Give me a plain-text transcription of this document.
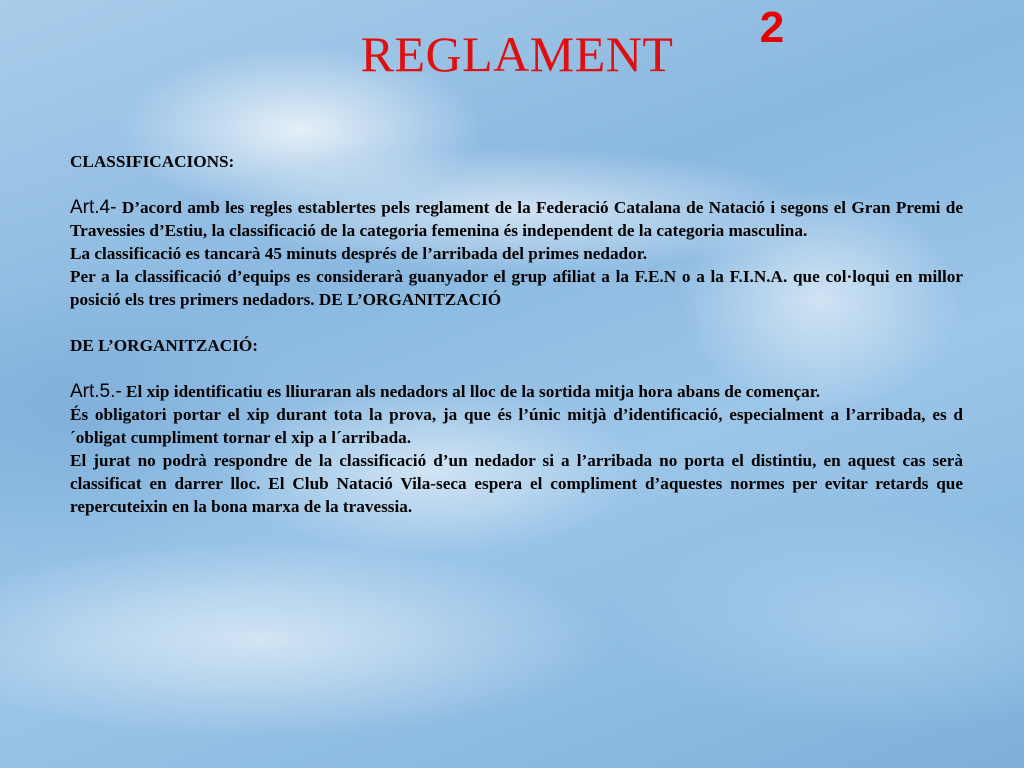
2
REGLAMENT
CLASSIFICACIONS:

Art.4- D’acord amb les regles establertes pels reglament de la Federació Catalana de Natació i segons el Gran Premi de Travessies d’Estiu, la classificació de la categoria femenina és independent de la categoria masculina.

La classificació es tancarà 45 minuts després de l’arribada del primes nedador.

Per a la classificació d’equips es considerarà guanyador el grup afiliat a la F.E.N o a la F.I.N.A. que col·loqui en millor posició els tres primers nedadors. DE L’ORGANITZACIÓ

DE L’ORGANITZACIÓ:

Art.5.- El xip identificatiu es lliuraran als nedadors al lloc de la sortida mitja hora abans de començar.

És obligatori portar el xip durant tota la prova, ja que és l’únic mitjà d’identificació, especialment a l’arribada, es d´obligat cumpliment tornar el xip a l´arribada.

El jurat no podrà respondre de la classificació d’un nedador si a l’arribada no porta el distintiu, en aquest cas serà classificat en darrer lloc. El Club Natació Vila-seca espera el compliment d’aquestes normes per evitar retards que repercuteixin en la bona marxa de la travessia.
